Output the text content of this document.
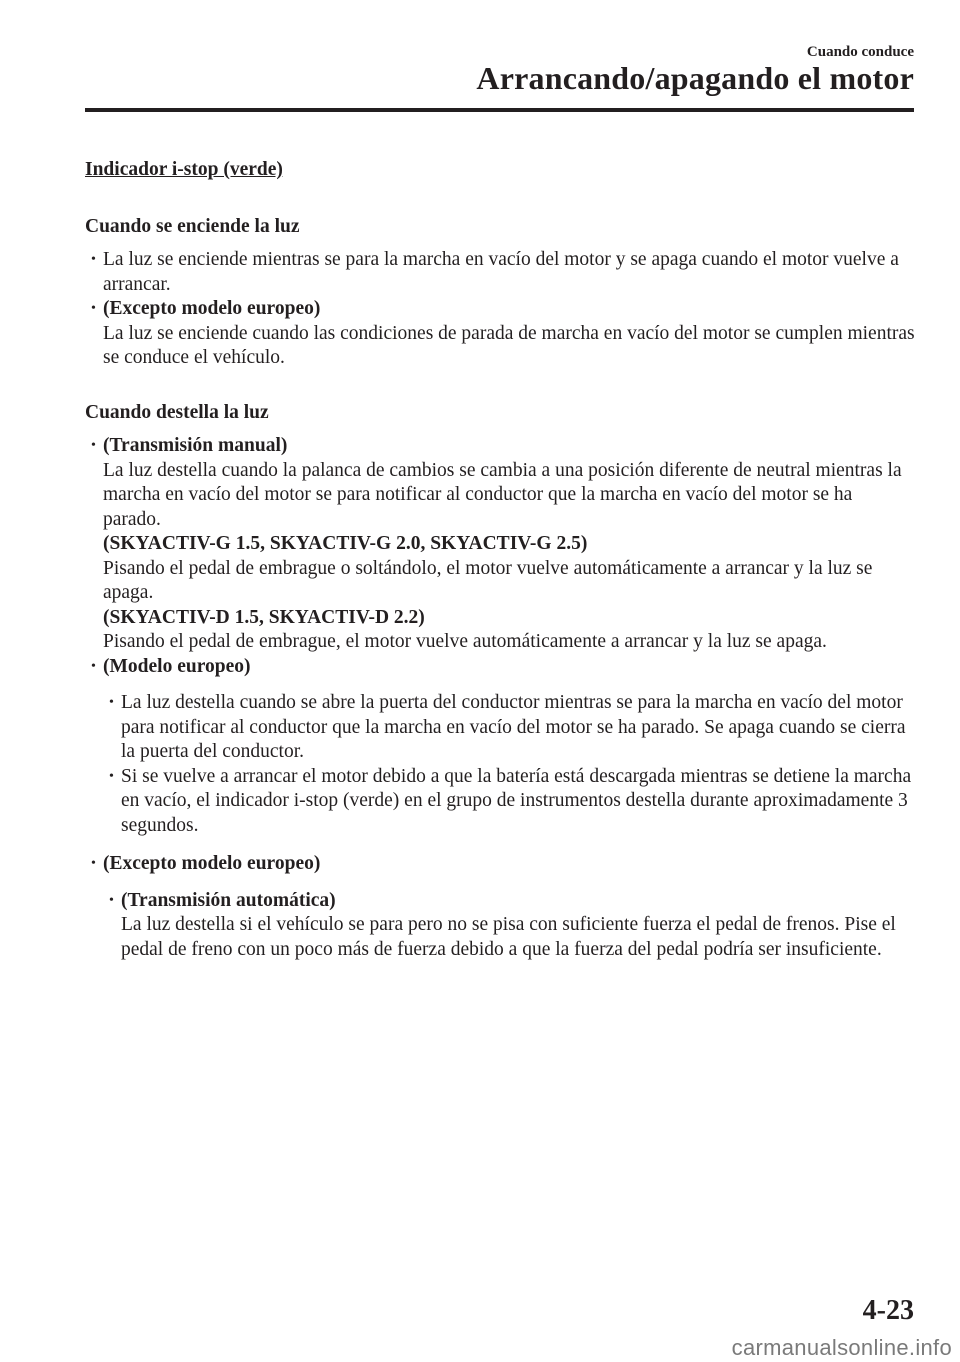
Cuando conduce
Arrancando/apagando el motor
Indicador i-stop (verde)
Cuando se enciende la luz
• La luz se enciende mientras se para la marcha en vacío del motor y se apaga cuando el motor vuelve a arrancar.
• (Excepto modelo europeo)
La luz se enciende cuando las condiciones de parada de marcha en vacío del motor se cumplen mientras se conduce el vehículo.
Cuando destella la luz
• (Transmisión manual)
La luz destella cuando la palanca de cambios se cambia a una posición diferente de neutral mientras la marcha en vacío del motor se para notificar al conductor que la marcha en vacío del motor se ha parado.
(SKYACTIV-G 1.5, SKYACTIV-G 2.0, SKYACTIV-G 2.5)
Pisando el pedal de embrague o soltándolo, el motor vuelve automáticamente a arrancar y la luz se apaga.
(SKYACTIV-D 1.5, SKYACTIV-D 2.2)
Pisando el pedal de embrague, el motor vuelve automáticamente a arrancar y la luz se apaga.
• (Modelo europeo)
• La luz destella cuando se abre la puerta del conductor mientras se para la marcha en vacío del motor para notificar al conductor que la marcha en vacío del motor se ha parado. Se apaga cuando se cierra la puerta del conductor.
• Si se vuelve a arrancar el motor debido a que la batería está descargada mientras se detiene la marcha en vacío, el indicador i-stop (verde) en el grupo de instrumentos destella durante aproximadamente 3 segundos.
• (Excepto modelo europeo)
• (Transmisión automática)
La luz destella si el vehículo se para pero no se pisa con suficiente fuerza el pedal de frenos. Pise el pedal de freno con un poco más de fuerza debido a que la fuerza del pedal podría ser insuficiente.
4-23
carmanualsonline.info
